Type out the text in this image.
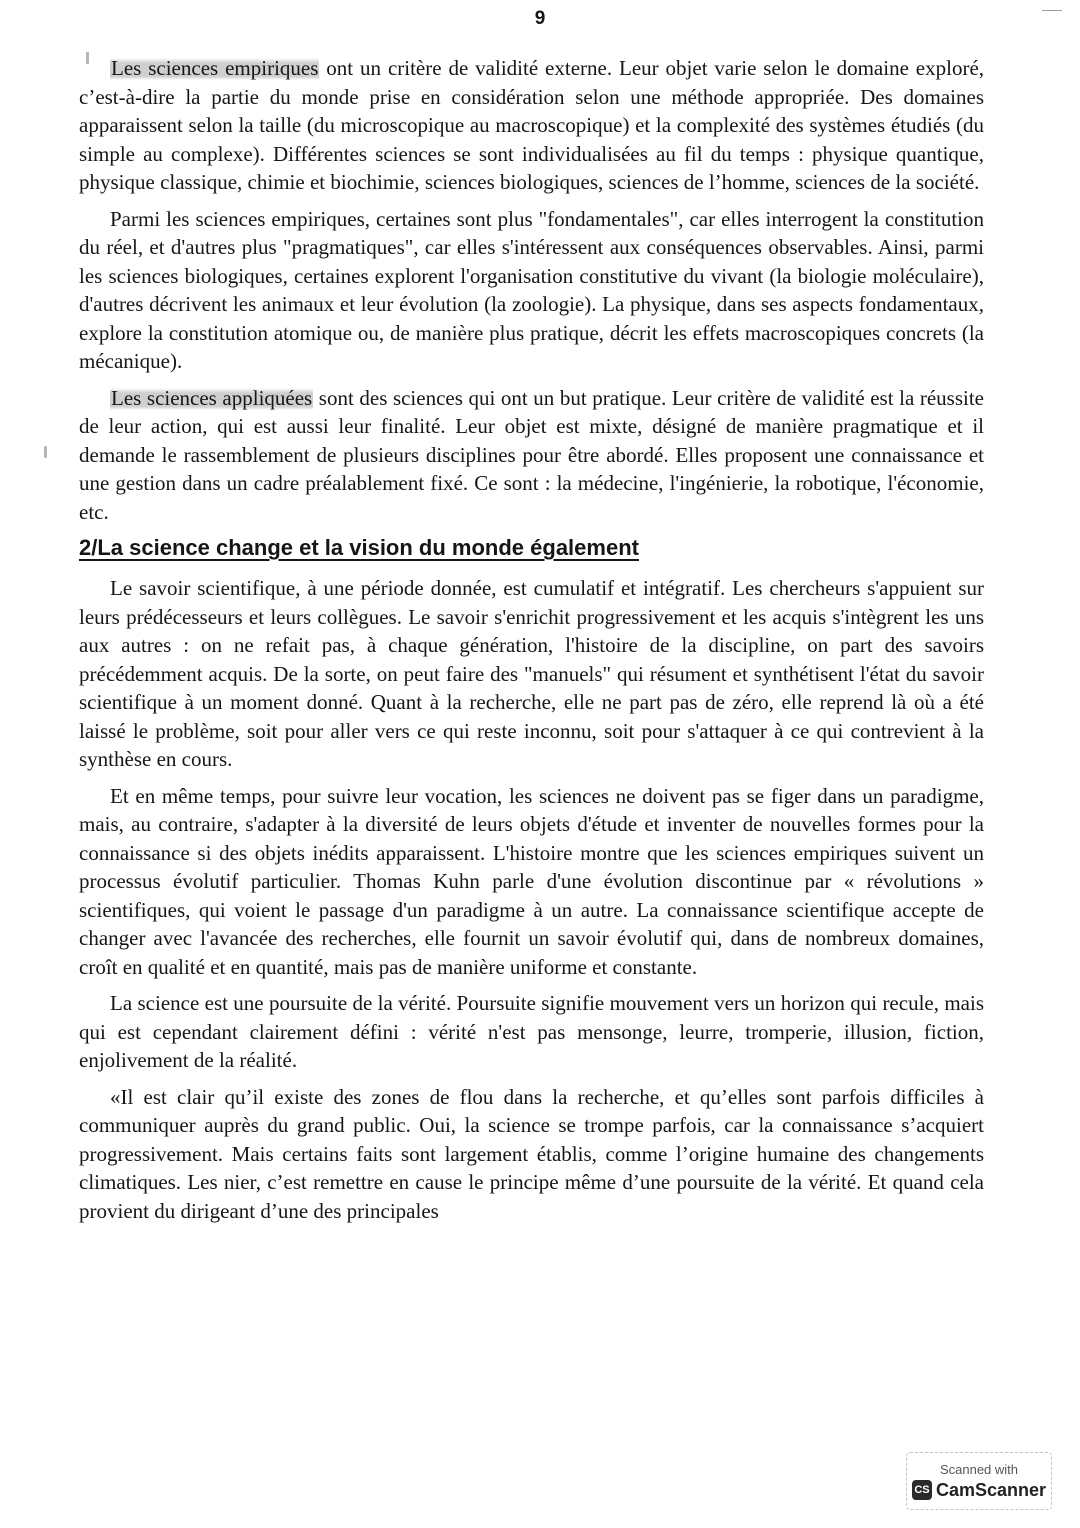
9

Les sciences empiriques ont un critère de validité externe. Leur objet varie selon le domaine exploré, c’est-à-dire la partie du monde prise en considération selon une méthode appropriée. Des domaines apparaissent selon la taille (du microscopique au macroscopique) et la complexité des systèmes étudiés (du simple au complexe). Différentes sciences se sont individualisées au fil du temps : physique quantique, physique classique, chimie et biochimie, sciences biologiques, sciences de l’homme, sciences de la société.

Parmi les sciences empiriques, certaines sont plus "fondamentales", car elles interrogent la constitution du réel, et d'autres plus "pragmatiques", car elles s'intéressent aux conséquences observables. Ainsi, parmi les sciences biologiques, certaines explorent l'organisation constitutive du vivant (la biologie moléculaire), d'autres décrivent les animaux et leur évolution (la zoologie). La physique, dans ses aspects fondamentaux, explore la constitution atomique ou, de manière plus pratique, décrit les effets macroscopiques concrets (la mécanique).

Les sciences appliquées sont des sciences qui ont un but pratique. Leur critère de validité est la réussite de leur action, qui est aussi leur finalité. Leur objet est mixte, désigné de manière pragmatique et il demande le rassemblement de plusieurs disciplines pour être abordé. Elles proposent une connaissance et une gestion dans un cadre préalablement fixé. Ce sont : la médecine, l'ingénierie, la robotique, l'économie, etc.

2/La science change et la vision du monde également

Le savoir scientifique, à une période donnée, est cumulatif et intégratif. Les chercheurs s'appuient sur leurs prédécesseurs et leurs collègues. Le savoir s'enrichit progressivement et les acquis s'intègrent les uns aux autres : on ne refait pas, à chaque génération, l'histoire de la discipline, on part des savoirs précédemment acquis. De la sorte, on peut faire des "manuels" qui résument et synthétisent l'état du savoir scientifique à un moment donné. Quant à la recherche, elle ne part pas de zéro, elle reprend là où a été laissé le problème, soit pour aller vers ce qui reste inconnu, soit pour s'attaquer à ce qui contrevient à la synthèse en cours.

Et en même temps, pour suivre leur vocation, les sciences ne doivent pas se figer dans un paradigme, mais, au contraire, s'adapter à la diversité de leurs objets d'étude et inventer de nouvelles formes pour la connaissance si des objets inédits apparaissent. L'histoire montre que les sciences empiriques suivent un processus évolutif particulier. Thomas Kuhn parle d'une évolution discontinue par « révolutions » scientifiques, qui voient le passage d'un paradigme à un autre. La connaissance scientifique accepte de changer avec l'avancée des recherches, elle fournit un savoir évolutif qui, dans de nombreux domaines, croît en qualité et en quantité, mais pas de manière uniforme et constante.

La science est une poursuite de la vérité. Poursuite signifie mouvement vers un horizon qui recule, mais qui est cependant clairement défini : vérité n'est pas mensonge, leurre, tromperie, illusion, fiction, enjolivement de la réalité.

«Il est clair qu’il existe des zones de flou dans la recherche, et qu’elles sont parfois difficiles à communiquer auprès du grand public. Oui, la science se trompe parfois, car la connaissance s’acquiert progressivement. Mais certains faits sont largement établis, comme l’origine humaine des changements climatiques. Les nier, c’est remettre en cause le principe même d’une poursuite de la vérité. Et quand cela provient du dirigeant d’une des principales

Scanned with
CS CamScanner
